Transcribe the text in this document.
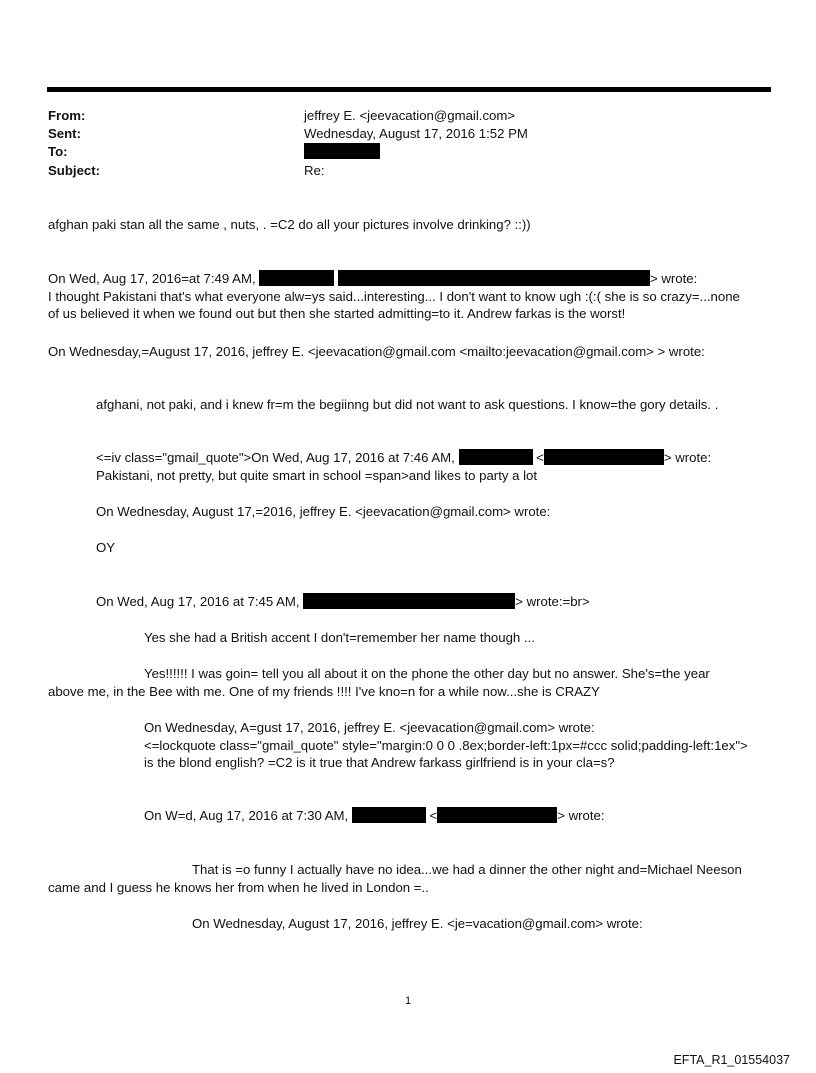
From:	jeffrey E. <jeevacation@gmail.com>
Sent:	Wednesday, August 17, 2016 1:52 PM
To:
Subject:	Re:
afghan paki stan all the same , nuts, . =C2 do all your pictures involve drinking? ::))
On Wed, Aug 17, 2016=at 7:49 AM,	> wrote:
I thought Pakistani that's what everyone alw=ys said...interesting... I don't want to know ugh :(:( she is so crazy=...none
of us believed it when we found out but then she started admitting=to it. Andrew farkas is the worst!
On Wednesday,=August 17, 2016, jeffrey E. <jeevacation@gmail.com <mailto:jeevacation@gmail.com> > wrote:
afghani, not paki, and i knew fr=m the begiinng but did not want to ask questions. I know=the gory details. .
<=iv class="gmail_quote">On Wed, Aug 17, 2016 at 7:46 AM,	<	> wrote:
Pakistani, not pretty, but quite smart in school =span>and likes to party a lot
On Wednesday, August 17,=2016, jeffrey E. <jeevacation@gmail.com> wrote:
OY
On Wed, Aug 17, 2016 at 7:45 AM,	> wrote:=br>
Yes she had a British accent I don't=remember her name though ...
Yes!!!!!! I was goin= tell you all about it on the phone the other day but no answer. She's=the year
above me, in the Bee with me. One of my friends !!!! I've kno=n for a while now...she is CRAZY
On Wednesday, A=gust 17, 2016, jeffrey E. <jeevacation@gmail.com> wrote:
<=lockquote class="gmail_quote" style="margin:0 0 0 .8ex;border-left:1px=#ccc solid;padding-left:1ex">
is the blond english? =C2 is it true that Andrew farkass girlfriend is in your cla=s?
On W=d, Aug 17, 2016 at 7:30 AM,	<	> wrote:
That is =o funny I actually have no idea...we had a dinner the other night and=Michael Neeson
came and I guess he knows her from when he lived in London =..
On Wednesday, August 17, 2016, jeffrey E. <je=vacation@gmail.com> wrote:
1
EFTA_R1_01554037
